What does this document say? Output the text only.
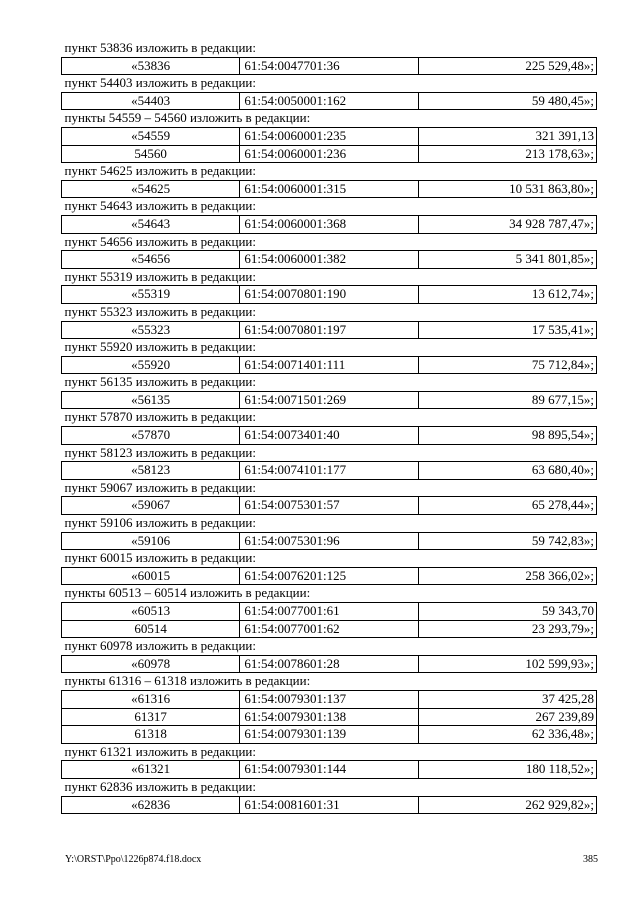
пункт 53836 изложить в редакции:		
«53836	61:54:0047701:36	225 529,48»;
пункт 54403 изложить в редакции:		
«54403	61:54:0050001:162	59 480,45»;
пункты 54559 – 54560 изложить в редакции:		
«54559	61:54:0060001:235	321 391,13
54560	61:54:0060001:236	213 178,63»;
пункт 54625 изложить в редакции:		
«54625	61:54:0060001:315	10 531 863,80»;
пункт 54643 изложить в редакции:		
«54643	61:54:0060001:368	34 928 787,47»;
пункт 54656 изложить в редакции:		
«54656	61:54:0060001:382	5 341 801,85»;
пункт 55319 изложить в редакции:		
«55319	61:54:0070801:190	13 612,74»;
пункт 55323 изложить в редакции:		
«55323	61:54:0070801:197	17 535,41»;
пункт 55920 изложить в редакции:		
«55920	61:54:0071401:111	75 712,84»;
пункт 56135 изложить в редакции:		
«56135	61:54:0071501:269	89 677,15»;
пункт 57870 изложить в редакции:		
«57870	61:54:0073401:40	98 895,54»;
пункт 58123 изложить в редакции:		
«58123	61:54:0074101:177	63 680,40»;
пункт 59067 изложить в редакции:		
«59067	61:54:0075301:57	65 278,44»;
пункт 59106 изложить в редакции:		
«59106	61:54:0075301:96	59 742,83»;
пункт 60015 изложить в редакции:		
«60015	61:54:0076201:125	258 366,02»;
пункты 60513 – 60514 изложить в редакции:		
«60513	61:54:0077001:61	59 343,70
60514	61:54:0077001:62	23 293,79»;
пункт 60978 изложить в редакции:		
«60978	61:54:0078601:28	102 599,93»;
пункты 61316 – 61318 изложить в редакции:		
«61316	61:54:0079301:137	37 425,28
61317	61:54:0079301:138	267 239,89
61318	61:54:0079301:139	62 336,48»;
пункт 61321 изложить в редакции:		
«61321	61:54:0079301:144	180 118,52»;
пункт 62836 изложить в редакции:		
«62836	61:54:0081601:31	262 929,82»;
Y:\ORST\Ppo\1226p874.f18.docx	385
